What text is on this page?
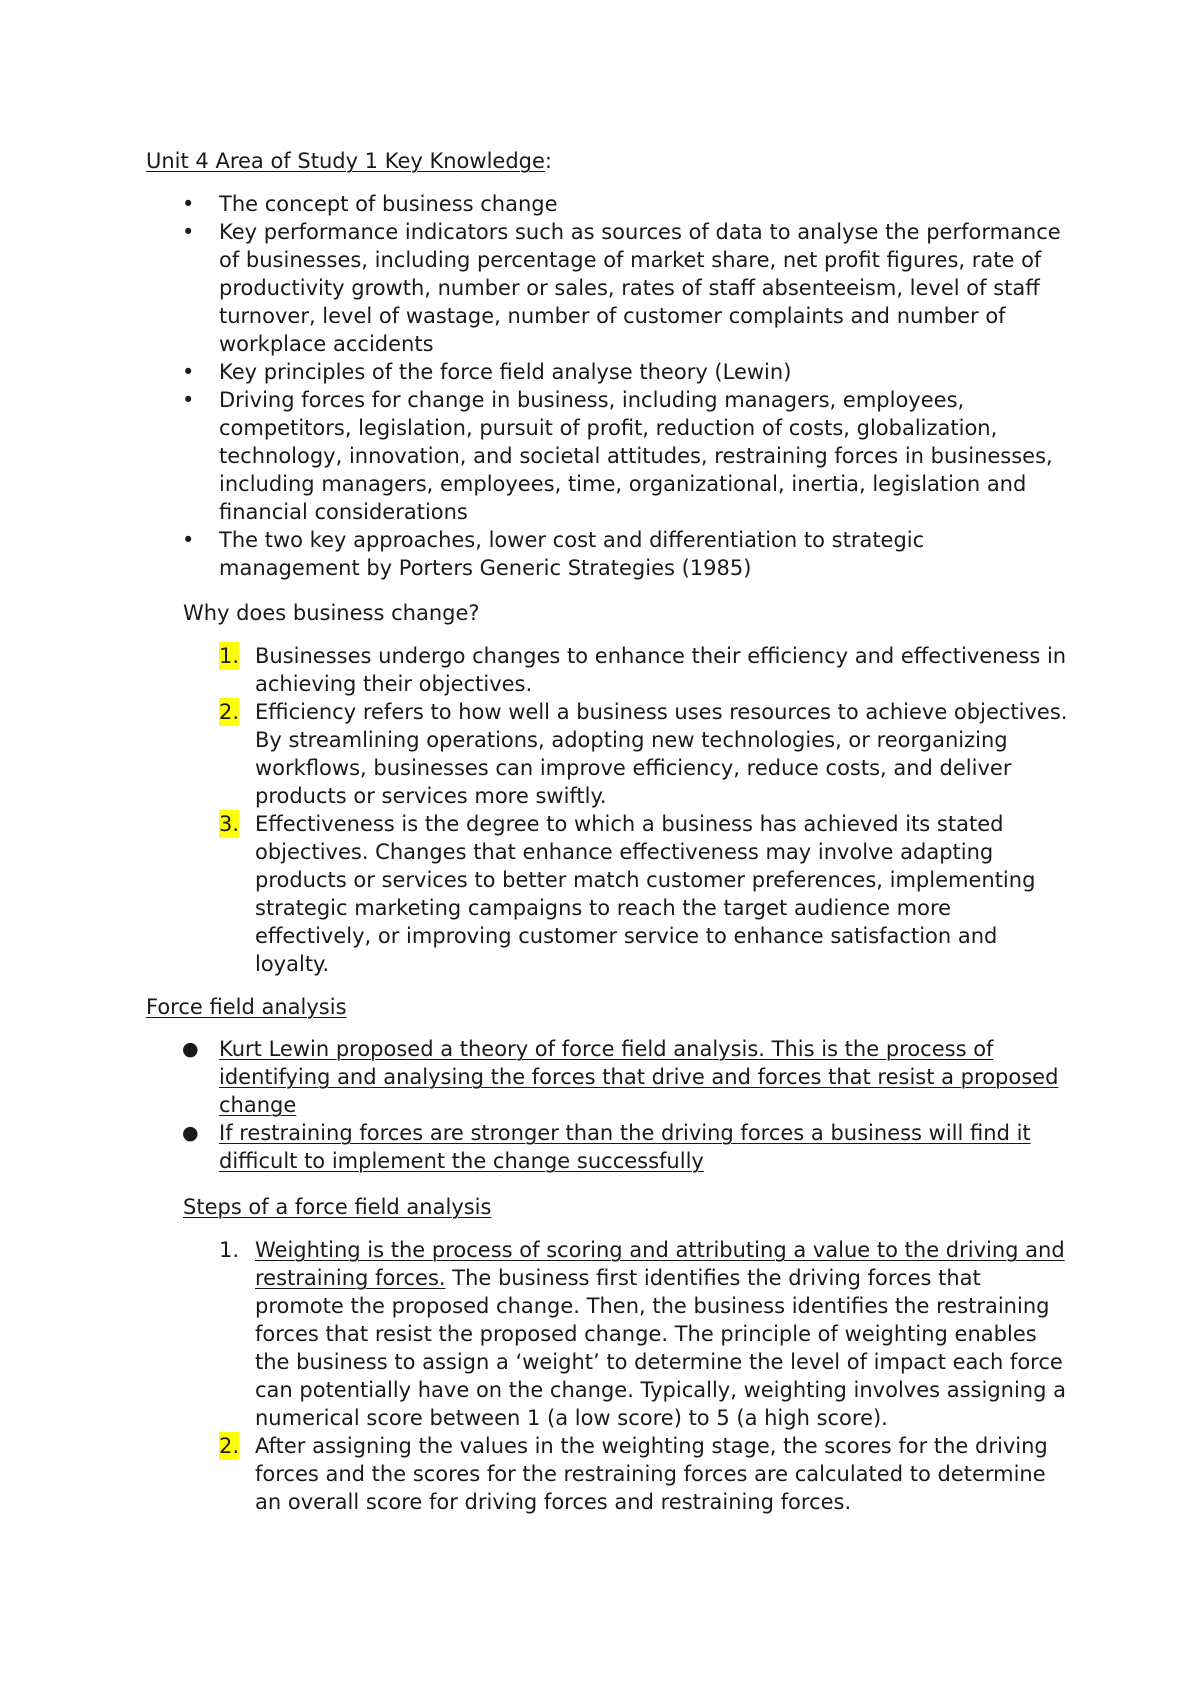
Unit 4 Area of Study 1 Key Knowledge:
• The concept of business change
• Key performance indicators such as sources of data to analyse the performance of businesses, including percentage of market share, net profit figures, rate of productivity growth, number or sales, rates of staff absenteeism, level of staff turnover, level of wastage, number of customer complaints and number of workplace accidents
• Key principles of the force field analyse theory (Lewin)
• Driving forces for change in business, including managers, employees, competitors, legislation, pursuit of profit, reduction of costs, globalization, technology, innovation, and societal attitudes, restraining forces in businesses, including managers, employees, time, organizational, inertia, legislation and financial considerations
• The two key approaches, lower cost and differentiation to strategic management by Porters Generic Strategies (1985)
Why does business change?
1. Businesses undergo changes to enhance their efficiency and effectiveness in achieving their objectives.
2. Efficiency refers to how well a business uses resources to achieve objectives. By streamlining operations, adopting new technologies, or reorganizing workflows, businesses can improve efficiency, reduce costs, and deliver products or services more swiftly.
3. Effectiveness is the degree to which a business has achieved its stated objectives. Changes that enhance effectiveness may involve adapting products or services to better match customer preferences, implementing strategic marketing campaigns to reach the target audience more effectively, or improving customer service to enhance satisfaction and loyalty.
Force field analysis
● Kurt Lewin proposed a theory of force field analysis. This is the process of identifying and analysing the forces that drive and forces that resist a proposed change
● If restraining forces are stronger than the driving forces a business will find it difficult to implement the change successfully
Steps of a force field analysis
1. Weighting is the process of scoring and attributing a value to the driving and restraining forces. The business first identifies the driving forces that promote the proposed change. Then, the business identifies the restraining forces that resist the proposed change. The principle of weighting enables the business to assign a ‘weight’ to determine the level of impact each force can potentially have on the change. Typically, weighting involves assigning a numerical score between 1 (a low score) to 5 (a high score).
2. After assigning the values in the weighting stage, the scores for the driving forces and the scores for the restraining forces are calculated to determine an overall score for driving forces and restraining forces.
